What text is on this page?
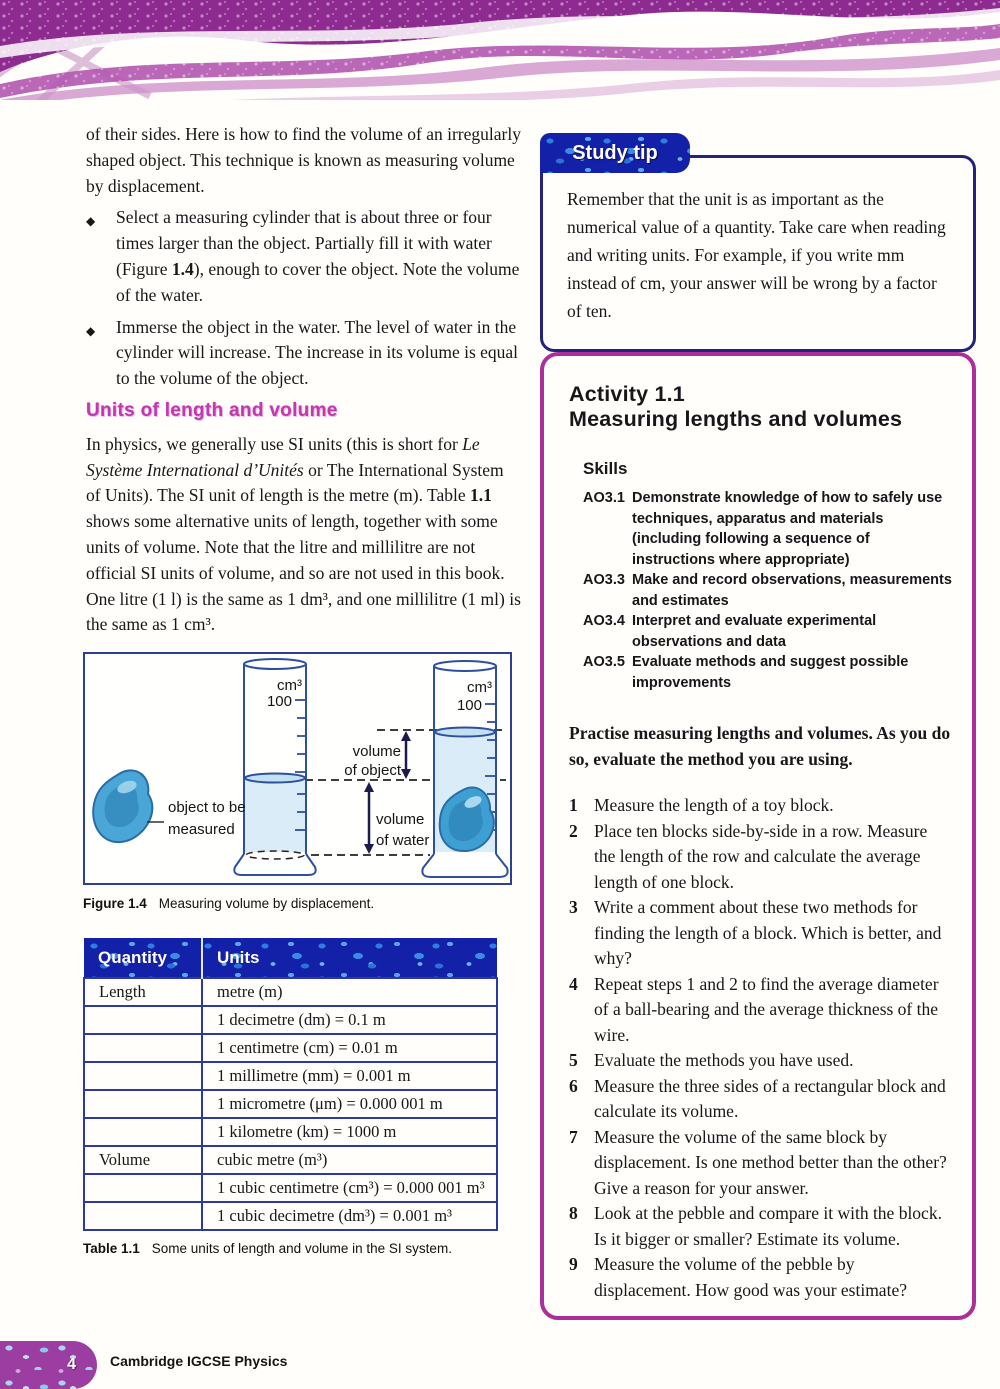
of their sides. Here is how to find the volume of an irregularly shaped object. This technique is known as measuring volume by displacement.

◆	Select a measuring cylinder that is about three or four times larger than the object. Partially fill it with water (Figure 1.4), enough to cover the object. Note the volume of the water.
◆	Immerse the object in the water. The level of water in the cylinder will increase. The increase in its volume is equal to the volume of the object.
Units of length and volume

In physics, we generally use SI units (this is short for Le Système International d’Unités or The International System of Units). The SI unit of length is the metre (m). Table 1.1 shows some alternative units of length, together with some units of volume. Note that the litre and millilitre are not official SI units of volume, and so are not used in this book. One litre (1 l) is the same as 1 dm³, and one millilitre (1 ml) is the same as 1 cm³.

cm³
100
cm³
100
object to be
measured
volume
of object
volume
of water
Figure 1.4 Measuring volume by displacement.
Quantity	Units
Length	metre (m)
	1 decimetre (dm) = 0.1 m
	1 centimetre (cm) = 0.01 m
	1 millimetre (mm) = 0.001 m
	1 micrometre (μm) = 0.000 001 m
	1 kilometre (km) = 1000 m
Volume	cubic metre (m³)
	1 cubic centimetre (cm³) = 0.000 001 m³
	1 cubic decimetre (dm³) = 0.001 m³
Table 1.1 Some units of length and volume in the SI system.
Study tip

Remember that the unit is as important as the numerical value of a quantity. Take care when reading and writing units. For example, if you write mm instead of cm, your answer will be wrong by a factor of ten.

Activity 1.1
Measuring lengths and volumes
Skills
AO3.1 Demonstrate knowledge of how to safely use techniques, apparatus and materials (including following a sequence of instructions where appropriate)
AO3.3 Make and record observations, measurements and estimates
AO3.4 Interpret and evaluate experimental observations and data
AO3.5 Evaluate methods and suggest possible improvements

Practise measuring lengths and volumes. As you do so, evaluate the method you are using.

1 Measure the length of a toy block.
2 Place ten blocks side-by-side in a row. Measure the length of the row and calculate the average length of one block.
3 Write a comment about these two methods for finding the length of a block. Which is better, and why?
4 Repeat steps 1 and 2 to find the average diameter of a ball-bearing and the average thickness of the wire.
5 Evaluate the methods you have used.
6 Measure the three sides of a rectangular block and calculate its volume.
7 Measure the volume of the same block by displacement. Is one method better than the other? Give a reason for your answer.
8 Look at the pebble and compare it with the block. Is it bigger or smaller? Estimate its volume.
9 Measure the volume of the pebble by displacement. How good was your estimate?
4 Cambridge IGCSE Physics
